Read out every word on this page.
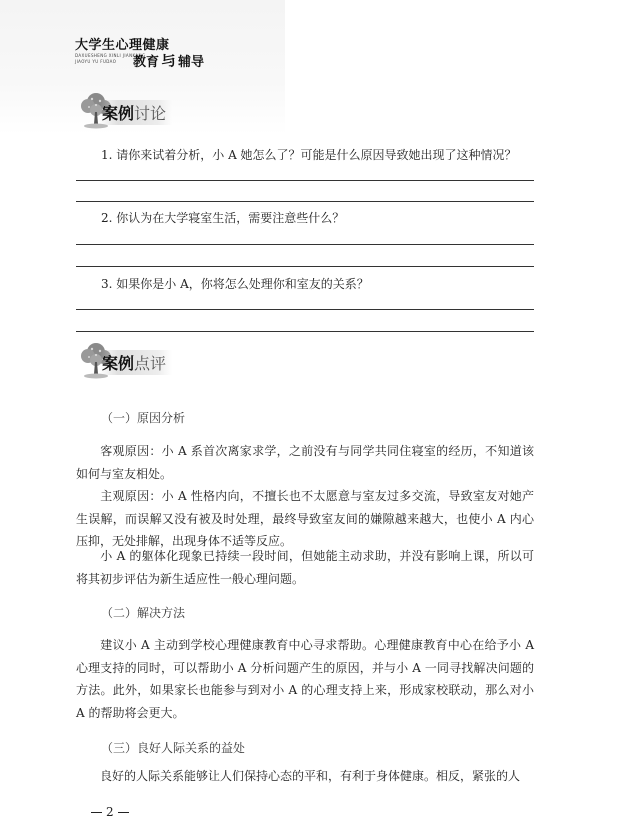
大学生心理健康
DAXUESHENG XINLI JIANKANG
JIAOYU YU FUDAO 教育与辅导
案例讨论
1. 请你来试着分析，小 A 她怎么了？可能是什么原因导致她出现了这种情况？
2. 你认为在大学寝室生活，需要注意些什么？
3. 如果你是小 A，你将怎么处理你和室友的关系？
案例点评
（一）原因分析
客观原因：小 A 系首次离家求学，之前没有与同学共同住寝室的经历，不知道该如何与室友相处。
主观原因：小 A 性格内向，不擅长也不太愿意与室友过多交流，导致室友对她产生误解，而误解又没有被及时处理，最终导致室友间的嫌隙越来越大，也使小 A 内心压抑，无处排解，出现身体不适等反应。
小 A 的躯体化现象已持续一段时间，但她能主动求助，并没有影响上课，所以可将其初步评估为新生适应性一般心理问题。
（二）解决方法
建议小 A 主动到学校心理健康教育中心寻求帮助。心理健康教育中心在给予小 A 心理支持的同时，可以帮助小 A 分析问题产生的原因，并与小 A 一同寻找解决问题的方法。此外，如果家长也能参与到对小 A 的心理支持上来，形成家校联动，那么对小 A 的帮助将会更大。
（三）良好人际关系的益处
良好的人际关系能够让人们保持心态的平和，有利于身体健康。相反，紧张的人
2
